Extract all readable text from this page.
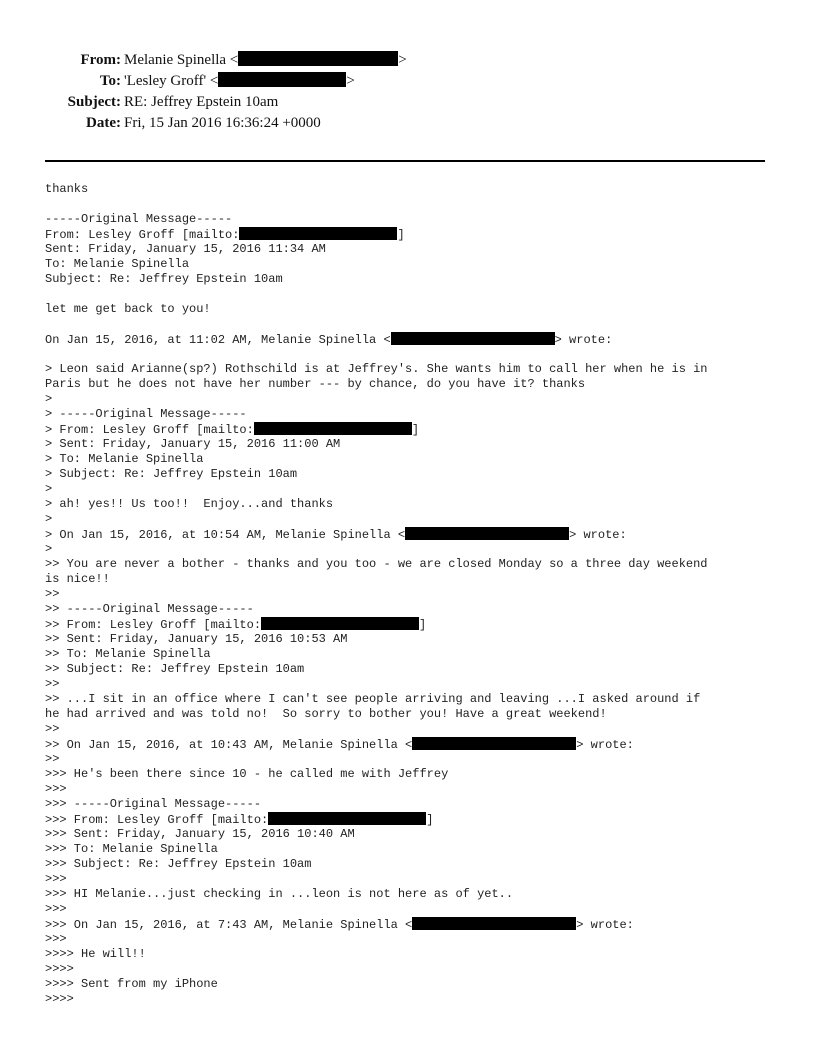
From: Melanie Spinella <	>
To: 'Lesley Groff' <	>
Subject: RE: Jeffrey Epstein 10am
Date: Fri, 15 Jan 2016 16:36:24 +0000
thanks
-----Original Message-----
From: Lesley Groff [mailto:	]
Sent: Friday, January 15, 2016 11:34 AM
To: Melanie Spinella
Subject: Re: Jeffrey Epstein 10am
let me get back to you!
On Jan 15, 2016, at 11:02 AM, Melanie Spinella <	> wrote:
> Leon said Arianne(sp?) Rothschild is at Jeffrey's. She wants him to call her when he is in
Paris but he does not have her number --- by chance, do you have it? thanks
>
> -----Original Message-----
> From: Lesley Groff [mailto:	]
> Sent: Friday, January 15, 2016 11:00 AM
> To: Melanie Spinella
> Subject: Re: Jeffrey Epstein 10am
>
> ah! yes!! Us too!!  Enjoy...and thanks
>
> On Jan 15, 2016, at 10:54 AM, Melanie Spinella <	> wrote:
>
>> You are never a bother - thanks and you too - we are closed Monday so a three day weekend
is nice!!
>>
>> -----Original Message-----
>> From: Lesley Groff [mailto:	]
>> Sent: Friday, January 15, 2016 10:53 AM
>> To: Melanie Spinella
>> Subject: Re: Jeffrey Epstein 10am
>>
>> ...I sit in an office where I can't see people arriving and leaving ...I asked around if
he had arrived and was told no!  So sorry to bother you! Have a great weekend!
>>
>> On Jan 15, 2016, at 10:43 AM, Melanie Spinella <	> wrote:
>>
>>> He's been there since 10 - he called me with Jeffrey
>>>
>>> -----Original Message-----
>>> From: Lesley Groff [mailto:	]
>>> Sent: Friday, January 15, 2016 10:40 AM
>>> To: Melanie Spinella
>>> Subject: Re: Jeffrey Epstein 10am
>>>
>>> HI Melanie...just checking in ...leon is not here as of yet..
>>>
>>> On Jan 15, 2016, at 7:43 AM, Melanie Spinella <	> wrote:
>>>
>>>> He will!!
>>>>
>>>> Sent from my iPhone
>>>>
